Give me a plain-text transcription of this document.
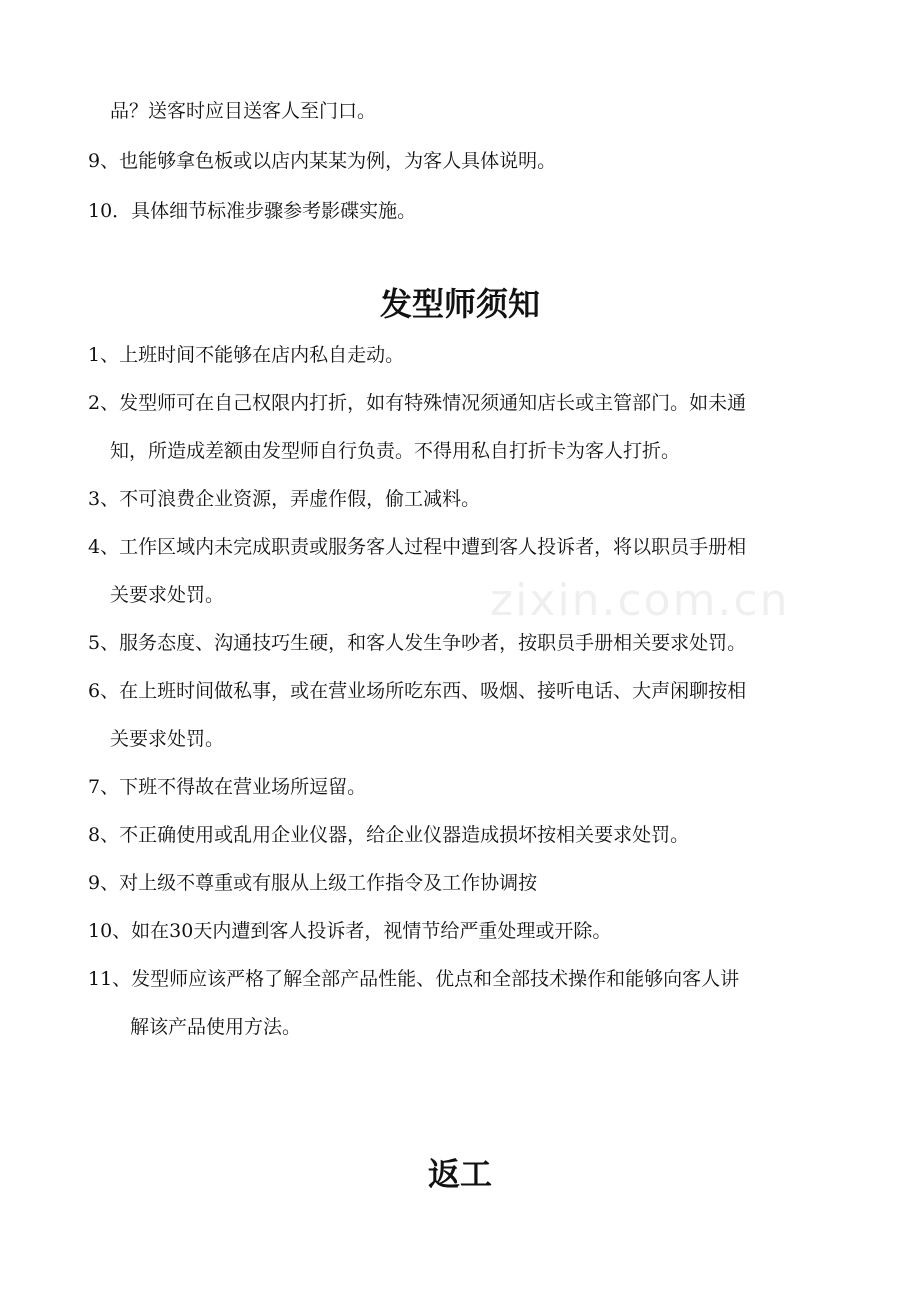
zixin.com.cn
品？送客时应目送客人至门口。
9、也能够拿色板或以店内某某为例，为客人具体说明。
10．具体细节标准步骤参考影碟实施。
发型师须知
1、上班时间不能够在店内私自走动。
2、发型师可在自己权限内打折，如有特殊情况须通知店长或主管部门。如未通
知，所造成差额由发型师自行负责。不得用私自打折卡为客人打折。
3、不可浪费企业资源，弄虚作假，偷工减料。
4、工作区域内未完成职责或服务客人过程中遭到客人投诉者，将以职员手册相
关要求处罚。
5、服务态度、沟通技巧生硬，和客人发生争吵者，按职员手册相关要求处罚。
6、在上班时间做私事，或在营业场所吃东西、吸烟、接听电话、大声闲聊按相
关要求处罚。
7、下班不得故在营业场所逗留。
8、不正确使用或乱用企业仪器，给企业仪器造成损坏按相关要求处罚。
9、对上级不尊重或有服从上级工作指令及工作协调按
10、如在30天内遭到客人投诉者，视情节给严重处理或开除。
11、发型师应该严格了解全部产品性能、优点和全部技术操作和能够向客人讲
解该产品使用方法。
返工
